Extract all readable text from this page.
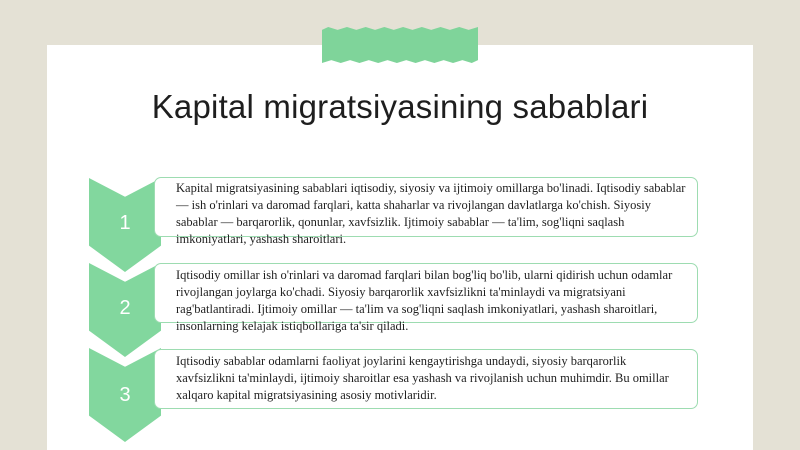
Kapital migratsiyasining sabablari
1
Kapital migratsiyasining sabablari iqtisodiy, siyosiy va ijtimoiy omillarga bo'linadi. Iqtisodiy sabablar — ish o'rinlari va daromad farqlari, katta shaharlar va rivojlangan davlatlarga ko'chish. Siyosiy sabablar — barqarorlik, qonunlar, xavfsizlik. Ijtimoiy sabablar — ta'lim, sog'liqni saqlash imkoniyatlari, yashash sharoitlari.
2
Iqtisodiy omillar ish o'rinlari va daromad farqlari bilan bog'liq bo'lib, ularni qidirish uchun odamlar rivojlangan joylarga ko'chadi. Siyosiy barqarorlik xavfsizlikni ta'minlaydi va migratsiyani rag'batlantiradi. Ijtimoiy omillar — ta'lim va sog'liqni saqlash imkoniyatlari, yashash sharoitlari, insonlarning kelajak istiqbollariga ta'sir qiladi.
3
Iqtisodiy sabablar odamlarni faoliyat joylarini kengaytirishga undaydi, siyosiy barqarorlik xavfsizlikni ta'minlaydi, ijtimoiy sharoitlar esa yashash va rivojlanish uchun muhimdir. Bu omillar xalqaro kapital migratsiyasining asosiy motivlaridir.
